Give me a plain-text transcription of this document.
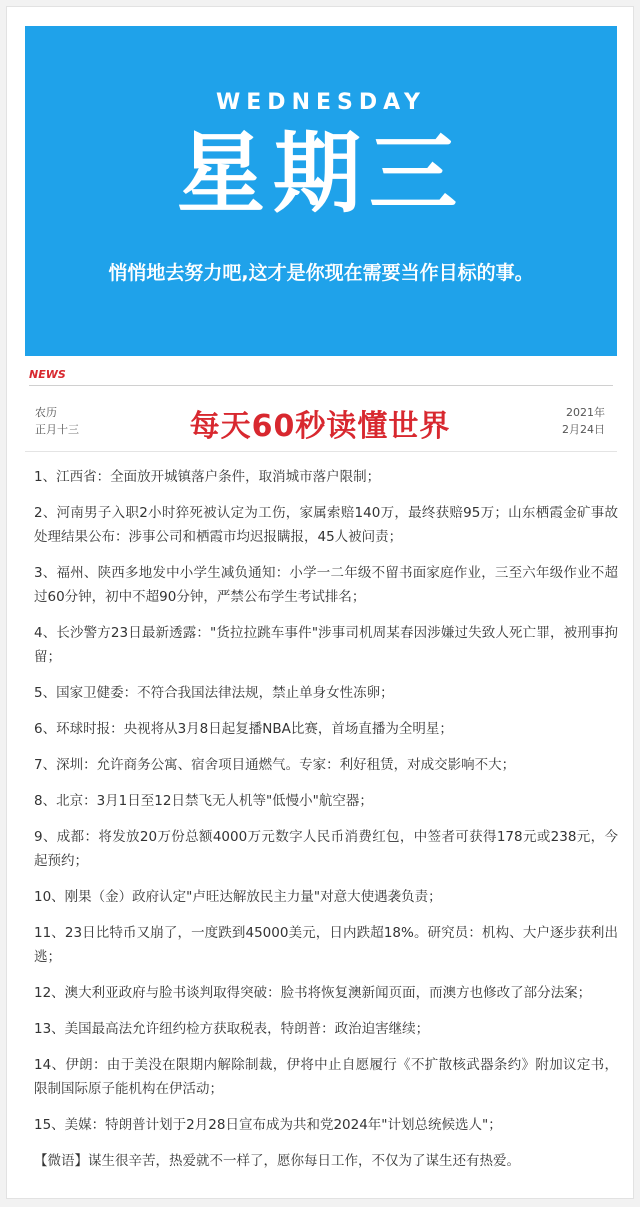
WEDNESDAY
星期三
悄悄地去努力吧,这才是你现在需要当作目标的事。
NEWS
农历
正月十三	每天60秒读懂世界	2021年
2月24日
1、江西省：全面放开城镇落户条件，取消城市落户限制；
2、河南男子入职2小时猝死被认定为工伤，家属索赔140万，最终获赔95万；山东栖霞金矿事故处理结果公布：涉事公司和栖霞市均迟报瞒报，45人被问责；
3、福州、陕西多地发中小学生减负通知：小学一二年级不留书面家庭作业，三至六年级作业不超过60分钟，初中不超90分钟，严禁公布学生考试排名；
4、长沙警方23日最新透露："货拉拉跳车事件"涉事司机周某春因涉嫌过失致人死亡罪，被刑事拘留；
5、国家卫健委：不符合我国法律法规，禁止单身女性冻卵；
6、环球时报：央视将从3月8日起复播NBA比赛，首场直播为全明星；
7、深圳：允许商务公寓、宿舍项目通燃气。专家：利好租赁，对成交影响不大；
8、北京：3月1日至12日禁飞无人机等"低慢小"航空器；
9、成都：将发放20万份总额4000万元数字人民币消费红包，中签者可获得178元或238元，今起预约；
10、刚果（金）政府认定"卢旺达解放民主力量"对意大使遇袭负责；
11、23日比特币又崩了，一度跌到45000美元，日内跌超18%。研究员：机构、大户逐步获利出逃；
12、澳大利亚政府与脸书谈判取得突破：脸书将恢复澳新闻页面，而澳方也修改了部分法案；
13、美国最高法允许纽约检方获取税表，特朗普：政治迫害继续；
14、伊朗：由于美没在限期内解除制裁，伊将中止自愿履行《不扩散核武器条约》附加议定书，限制国际原子能机构在伊活动；
15、美媒：特朗普计划于2月28日宣布成为共和党2024年"计划总统候选人"；
【微语】谋生很辛苦，热爱就不一样了，愿你每日工作，不仅为了谋生还有热爱。
